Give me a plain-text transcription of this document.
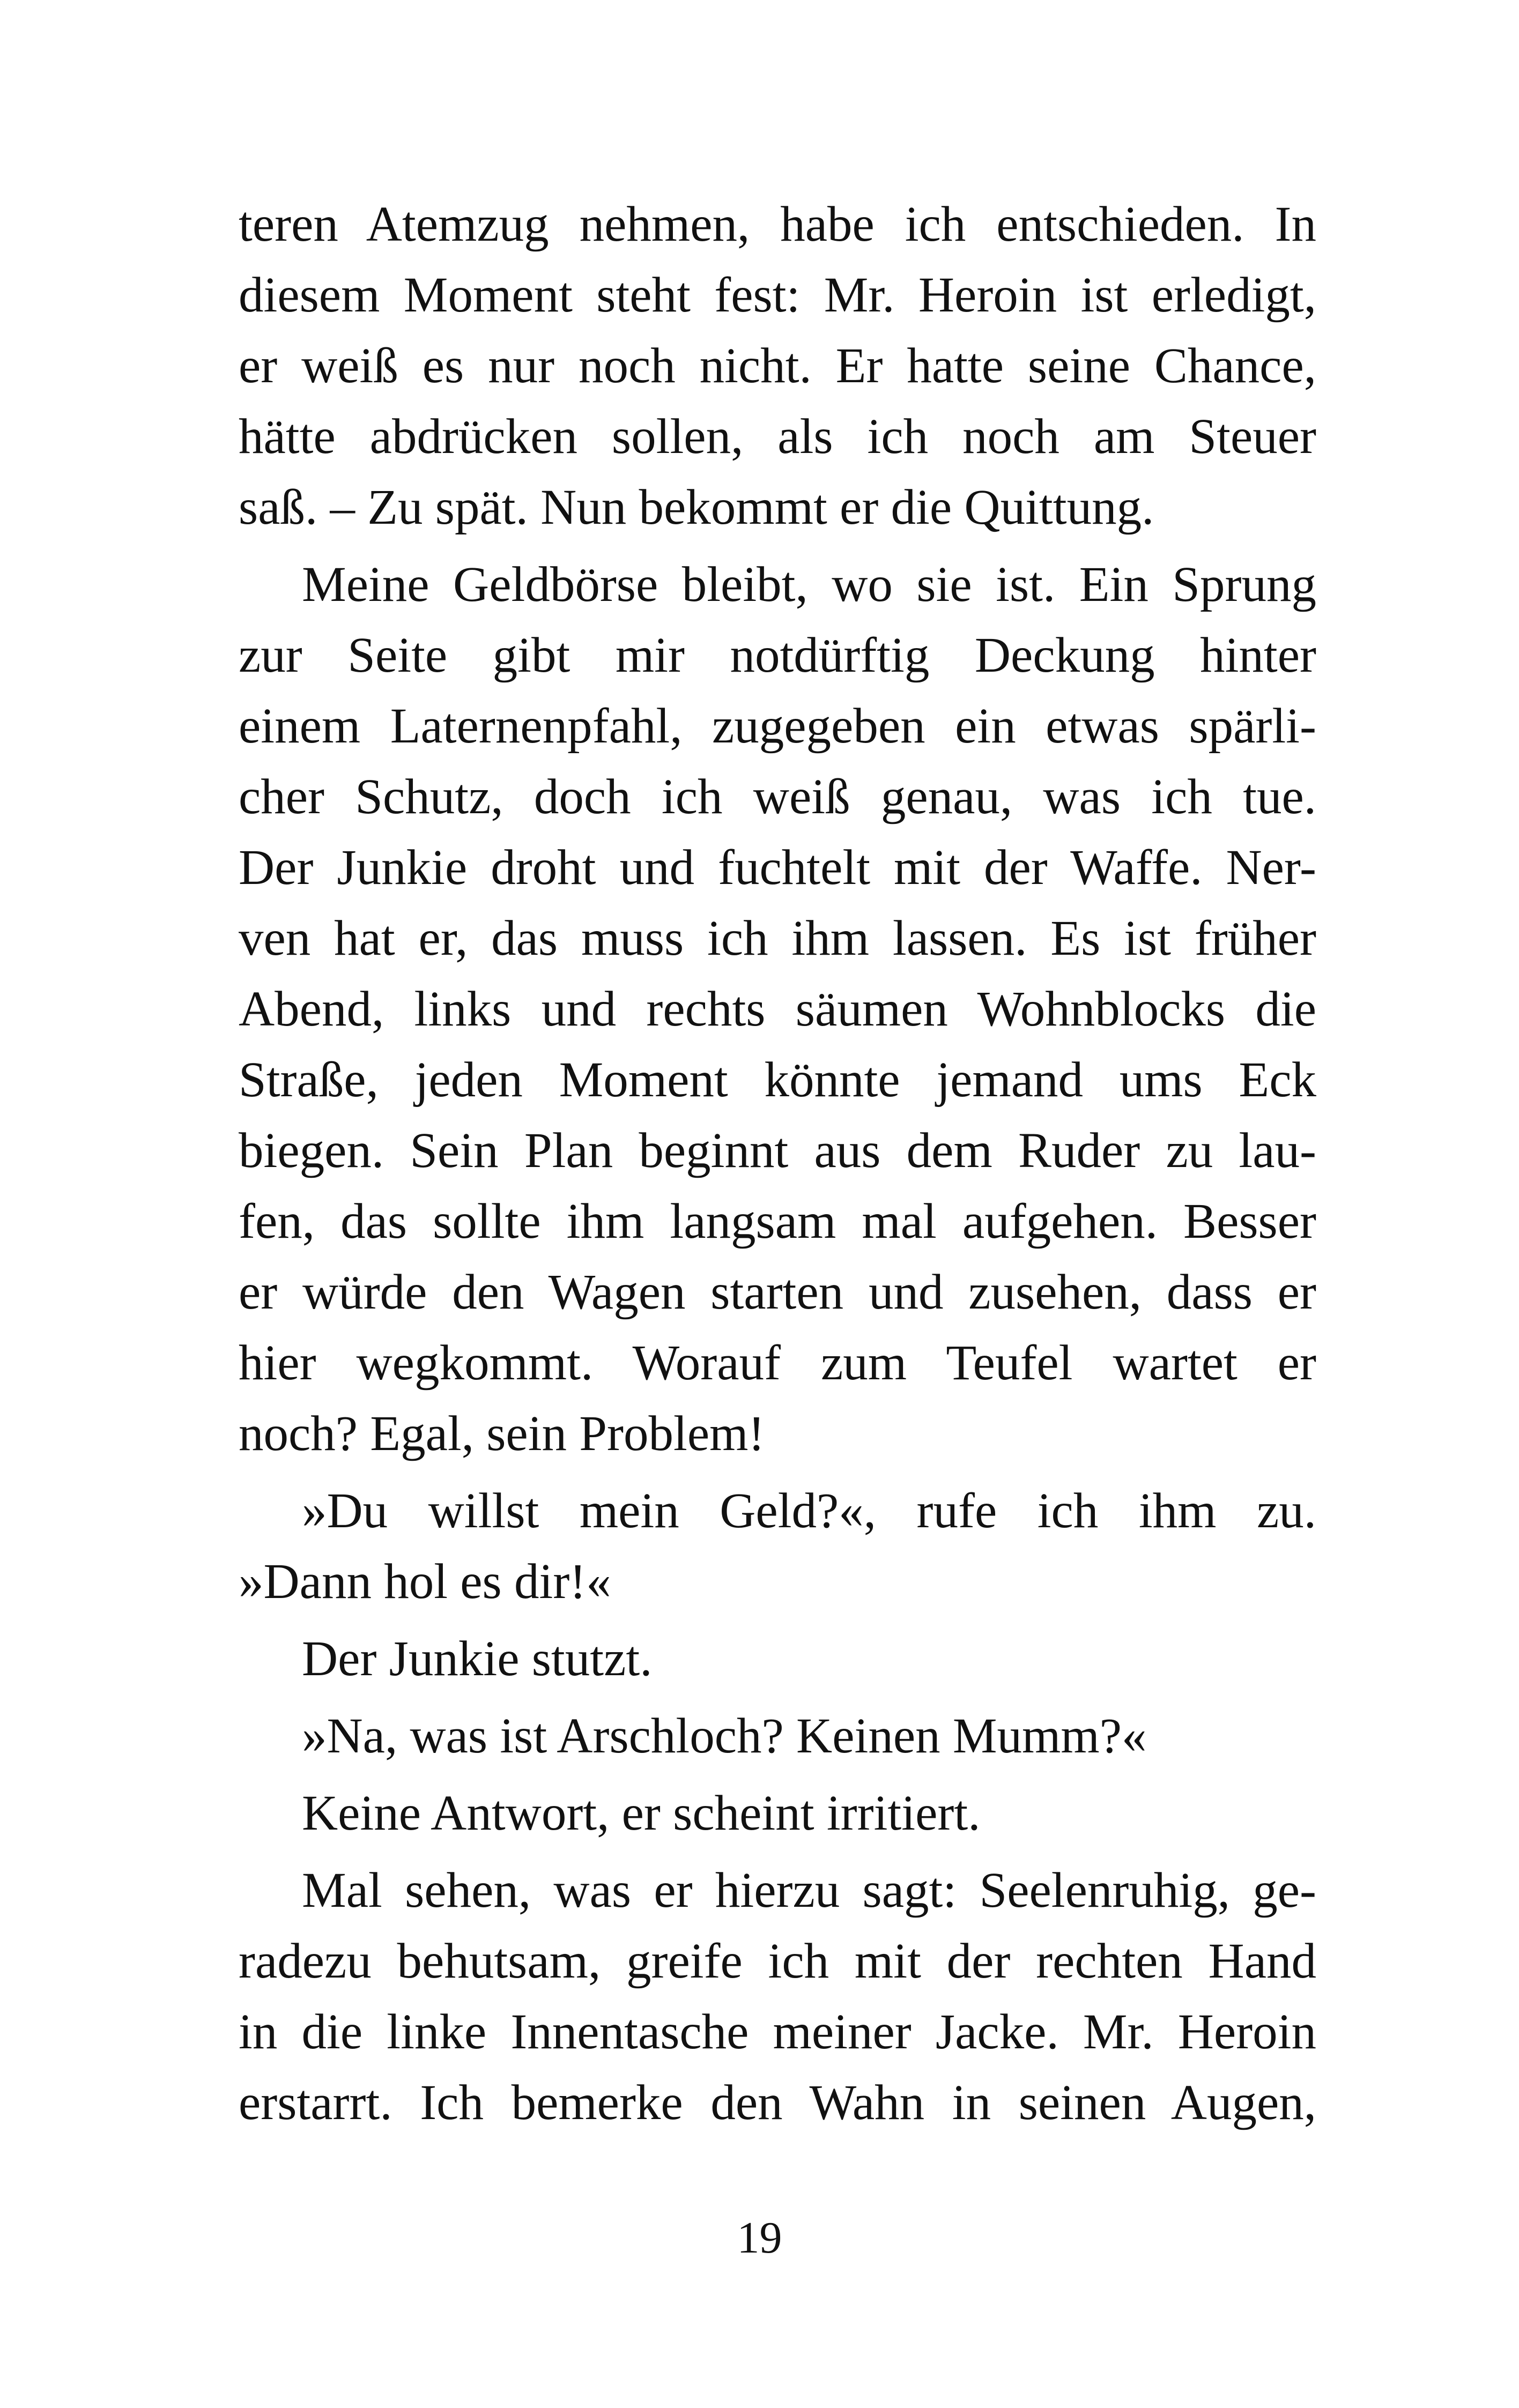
teren Atemzug nehmen, habe ich entschieden. In
diesem Moment steht fest: Mr. Heroin ist erledigt,
er weiß es nur noch nicht. Er hatte seine Chance,
hätte abdrücken sollen, als ich noch am Steuer
saß. – Zu spät. Nun bekommt er die Quittung.
Meine Geldbörse bleibt, wo sie ist. Ein Sprung
zur Seite gibt mir notdürftig Deckung hinter
einem Laternenpfahl, zugegeben ein etwas spärli-
cher Schutz, doch ich weiß genau, was ich tue.
Der Junkie droht und fuchtelt mit der Waffe. Ner-
ven hat er, das muss ich ihm lassen. Es ist früher
Abend, links und rechts säumen Wohnblocks die
Straße, jeden Moment könnte jemand ums Eck
biegen. Sein Plan beginnt aus dem Ruder zu lau-
fen, das sollte ihm langsam mal aufgehen. Besser
er würde den Wagen starten und zusehen, dass er
hier wegkommt. Worauf zum Teufel wartet er
noch? Egal, sein Problem!
»Du willst mein Geld?«, rufe ich ihm zu.
»Dann hol es dir!«
Der Junkie stutzt.
»Na, was ist Arschloch? Keinen Mumm?«
Keine Antwort, er scheint irritiert.
Mal sehen, was er hierzu sagt: Seelenruhig, ge-
radezu behutsam, greife ich mit der rechten Hand
in die linke Innentasche meiner Jacke. Mr. Heroin
erstarrt. Ich bemerke den Wahn in seinen Augen,
19
